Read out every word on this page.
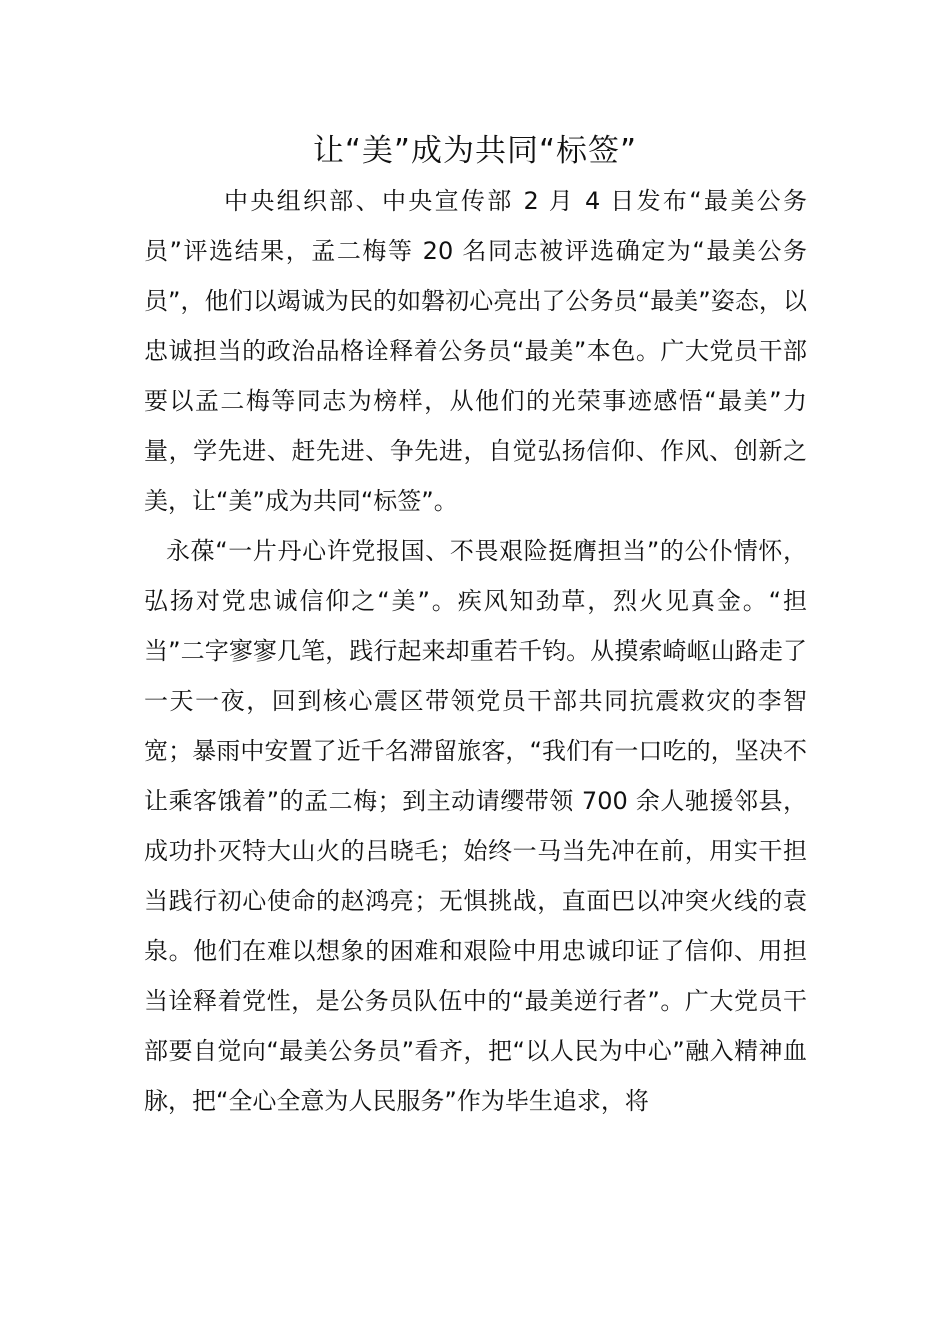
让“美”成为共同“标签”

中央组织部、中央宣传部 2 月 4 日发布“最美公务员”评选结果，孟二梅等 20 名同志被评选确定为“最美公务员”，他们以竭诚为民的如磐初心亮出了公务员“最美”姿态，以忠诚担当的政治品格诠释着公务员“最美”本色。广大党员干部要以孟二梅等同志为榜样，从他们的光荣事迹感悟“最美”力量，学先进、赶先进、争先进，自觉弘扬信仰、作风、创新之美，让“美”成为共同“标签”。

永葆“一片丹心许党报国、不畏艰险挺膺担当”的公仆情怀，弘扬对党忠诚信仰之“美”。疾风知劲草，烈火见真金。“担当”二字寥寥几笔，践行起来却重若千钧。从摸索崎岖山路走了一天一夜，回到核心震区带领党员干部共同抗震救灾的李智宽；暴雨中安置了近千名滞留旅客，“我们有一口吃的，坚决不让乘客饿着”的孟二梅；到主动请缨带领 700 余人驰援邻县，成功扑灭特大山火的吕晓毛；始终一马当先冲在前，用实干担当践行初心使命的赵鸿亮；无惧挑战，直面巴以冲突火线的袁泉。他们在难以想象的困难和艰险中用忠诚印证了信仰、用担当诠释着党性，是公务员队伍中的“最美逆行者”。广大党员干部要自觉向“最美公务员”看齐，把“以人民为中心”融入精神血脉，把“全心全意为人民服务”作为毕生追求，将
